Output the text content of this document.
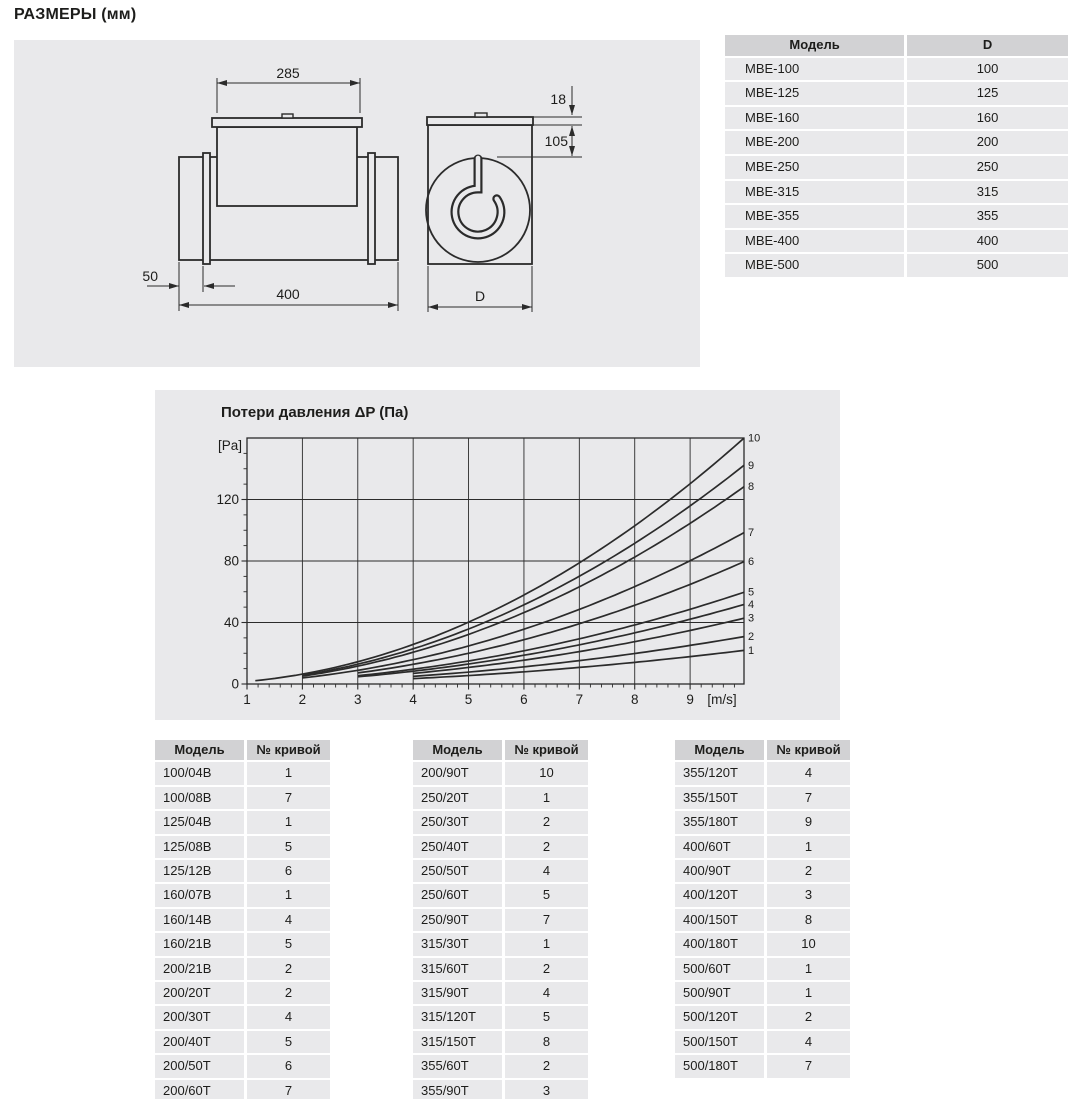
РАЗМЕРЫ (мм)
285
400
50
18
105
D
Модель	D
МВЕ-100	100
МВЕ-125	125
МВЕ-160	160
МВЕ-200	200
МВЕ-250	250
МВЕ-315	315
МВЕ-355	355
МВЕ-400	400
МВЕ-500	500
Потери давления ΔP (Па)
1	2	3	4	5	6	7	8	9
0
40
80
120
[m/s]
[Pa]
1
2
3
4
5
6
7
8
9
10
Модель	№ кривой
100/04В	1
100/08В	7
125/04В	1
125/08В	5
125/12В	6
160/07В	1
160/14В	4
160/21В	5
200/21В	2
200/20Т	2
200/30Т	4
200/40Т	5
200/50Т	6
200/60Т	7
Модель	№ кривой
200/90Т	10
250/20Т	1
250/30Т	2
250/40Т	2
250/50Т	4
250/60Т	5
250/90Т	7
315/30Т	1
315/60Т	2
315/90Т	4
315/120Т	5
315/150Т	8
355/60Т	2
355/90Т	3
Модель	№ кривой
355/120Т	4
355/150Т	7
355/180Т	9
400/60Т	1
400/90Т	2
400/120Т	3
400/150Т	8
400/180Т	10
500/60Т	1
500/90Т	1
500/120Т	2
500/150Т	4
500/180Т	7
